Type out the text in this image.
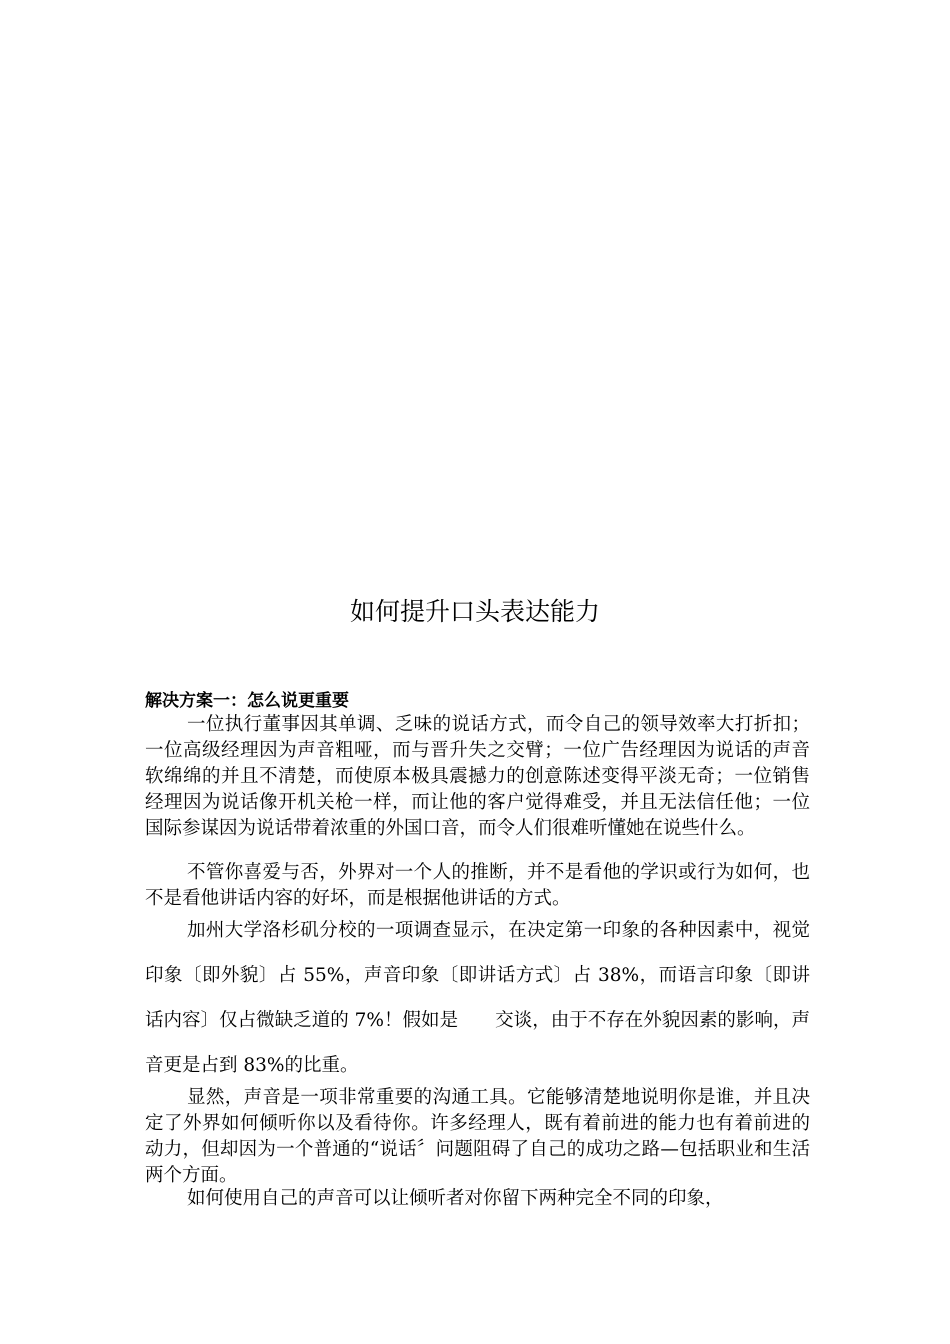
如何提升口头表达能力
解决方案一：怎么说更重要

一位执行董事因其单调、乏味的说话方式，而令自己的领导效率大打折扣；一位高级经理因为声音粗哑，而与晋升失之交臂；一位广告经理因为说话的声音软绵绵的并且不清楚，而使原本极具震撼力的创意陈述变得平淡无奇；一位销售经理因为说话像开机关枪一样，而让他的客户觉得难受，并且无法信任他；一位国际参谋因为说话带着浓重的外国口音，而令人们很难听懂她在说些什么。

不管你喜爱与否，外界对一个人的推断，并不是看他的学识或行为如何，也不是看他讲话内容的好坏，而是根据他讲话的方式。

加州大学洛杉矶分校的一项调查显示，在决定第一印象的各种因素中，视觉印象〔即外貌〕占 55%，声音印象〔即讲话方式〕占 38%，而语言印象〔即讲话内容〕仅占微缺乏道的 7%！假如是　　交谈，由于不存在外貌因素的影响，声音更是占到 83%的比重。

显然，声音是一项非常重要的沟通工具。它能够清楚地说明你是谁，并且决定了外界如何倾听你以及看待你。许多经理人，既有着前进的能力也有着前进的动力，但却因为一个普通的“说话〞问题阻碍了自己的成功之路—包括职业和生活两个方面。

如何使用自己的声音可以让倾听者对你留下两种完全不同的印象，
